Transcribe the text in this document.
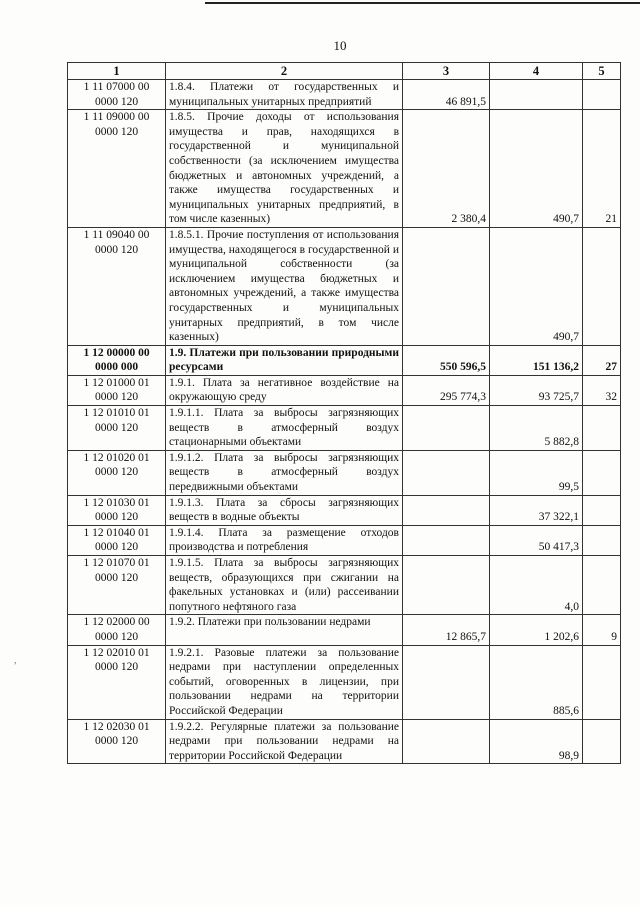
10
1	2	3	4	5
1 11 07000 00
0000 120	1.8.4. Платежи от государственных и муниципальных унитарных предприятий	46 891,5		
1 11 09000 00
0000 120	1.8.5. Прочие доходы от использования имущества и прав, находящихся в государственной и муниципальной собственности (за исключением имущества бюджетных и автономных учреждений, а также имущества государственных и муниципальных унитарных предприятий, в том числе казенных)	2 380,4	490,7	21
1 11 09040 00
0000 120	1.8.5.1. Прочие поступления от использования имущества, находящегося в государственной и муниципальной собственности (за исключением имущества бюджетных и автономных учреждений, а также имущества государственных и муниципальных унитарных предприятий, в том числе казенных)		490,7	
1 12 00000 00
0000 000	1.9. Платежи при пользовании природными ресурсами	550 596,5	151 136,2	27
1 12 01000 01
0000 120	1.9.1. Плата за негативное воздействие на окружающую среду	295 774,3	93 725,7	32
1 12 01010 01
0000 120	1.9.1.1. Плата за выбросы загрязняющих веществ в атмосферный воздух стационарными объектами		5 882,8	
1 12 01020 01
0000 120	1.9.1.2. Плата за выбросы загрязняющих веществ в атмосферный воздух передвижными объектами		99,5	
1 12 01030 01
0000 120	1.9.1.3. Плата за сбросы загрязняющих веществ в водные объекты		37 322,1	
1 12 01040 01
0000 120	1.9.1.4. Плата за размещение отходов производства и потребления		50 417,3	
1 12 01070 01
0000 120	1.9.1.5. Плата за выбросы загрязняющих веществ, образующихся при сжигании на факельных установках и (или) рассеивании попутного нефтяного газа		4,0	
1 12 02000 00
0000 120	1.9.2. Платежи при пользовании недрами	12 865,7	1 202,6	9
1 12 02010 01
0000 120	1.9.2.1. Разовые платежи за пользование недрами при наступлении определенных событий, оговоренных в лицензии, при пользовании недрами на территории Российской Федерации		885,6	
1 12 02030 01
0000 120	1.9.2.2. Регулярные платежи за пользование недрами при пользовании недрами на территории Российской Федерации		98,9	
,
